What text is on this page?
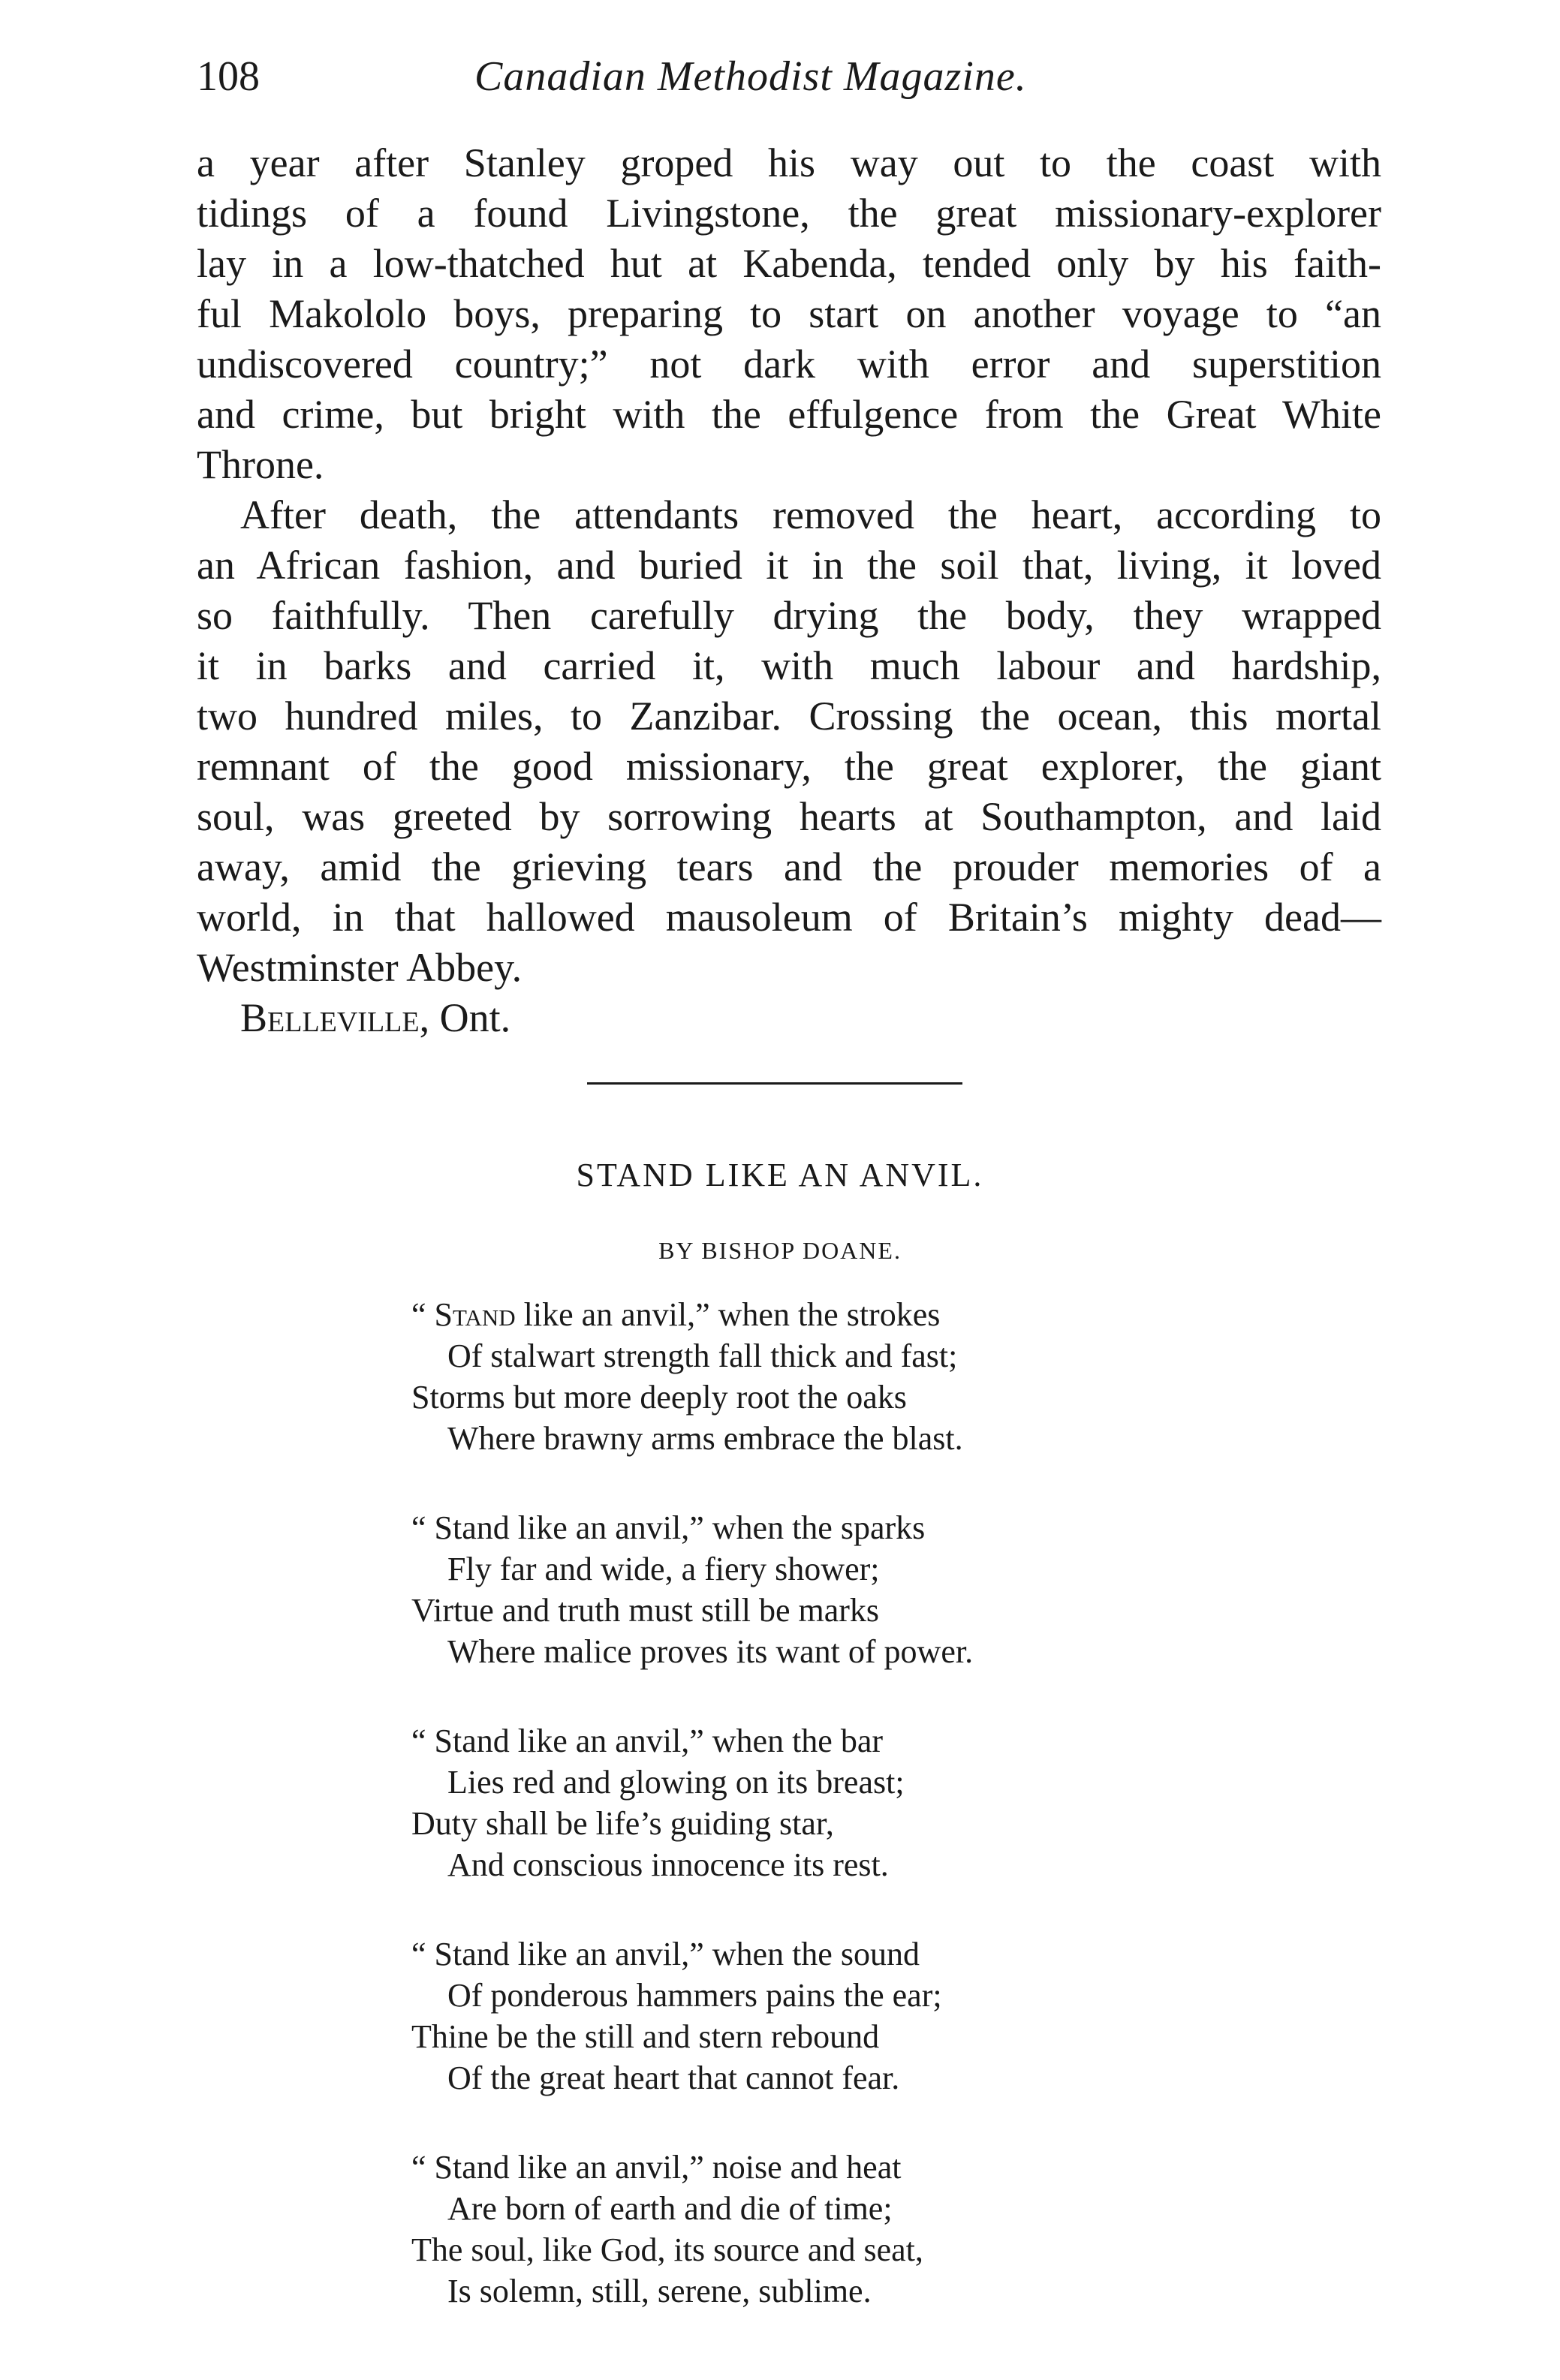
108	Canadian Methodist Magazine.
a year after Stanley groped his way out to the coast with
tidings of a found Livingstone, the great missionary-explorer
lay in a low-thatched hut at Kabenda, tended only by his faith-
ful Makololo boys, preparing to start on another voyage to “an
undiscovered country;” not dark with error and superstition
and crime, but bright with the effulgence from the Great White
Throne.
After death, the attendants removed the heart, according to
an African fashion, and buried it in the soil that, living, it loved
so faithfully. Then carefully drying the body, they wrapped
it in barks and carried it, with much labour and hardship,
two hundred miles, to Zanzibar. Crossing the ocean, this mortal
remnant of the good missionary, the great explorer, the giant
soul, was greeted by sorrowing hearts at Southampton, and laid
away, amid the grieving tears and the prouder memories of a
world, in that hallowed mausoleum of Britain’s mighty dead—
Westminster Abbey.
Belleville, Ont.
STAND LIKE AN ANVIL.
BY BISHOP DOANE.
“ Stand like an anvil,” when the strokes
Of stalwart strength fall thick and fast;
Storms but more deeply root the oaks
Where brawny arms embrace the blast.
“ Stand like an anvil,” when the sparks
Fly far and wide, a fiery shower;
Virtue and truth must still be marks
Where malice proves its want of power.
“ Stand like an anvil,” when the bar
Lies red and glowing on its breast;
Duty shall be life’s guiding star,
And conscious innocence its rest.
“ Stand like an anvil,” when the sound
Of ponderous hammers pains the ear;
Thine be the still and stern rebound
Of the great heart that cannot fear.
“ Stand like an anvil,” noise and heat
Are born of earth and die of time;
The soul, like God, its source and seat,
Is solemn, still, serene, sublime.
